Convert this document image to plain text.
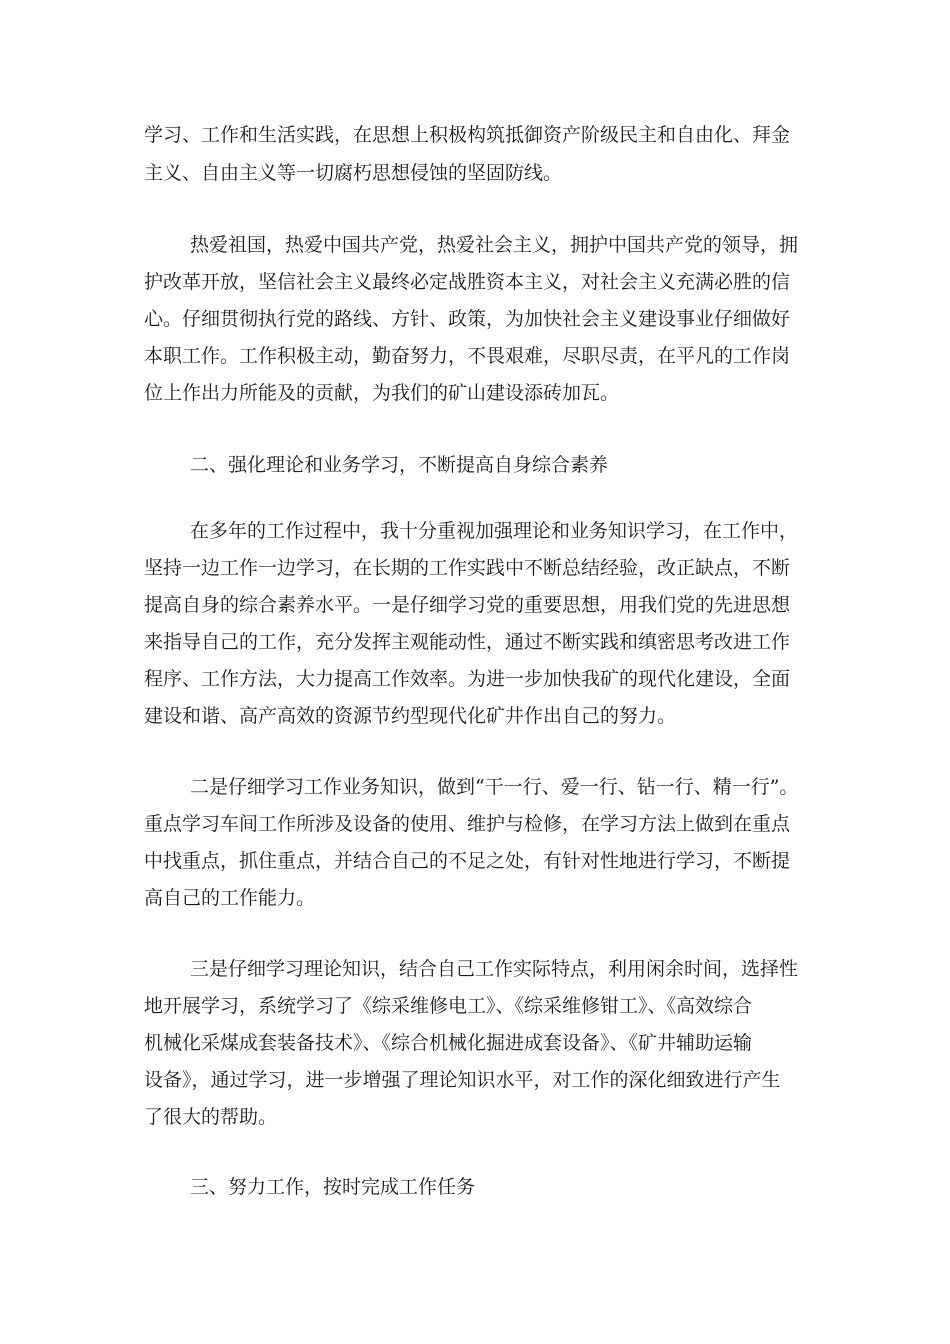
学习、工作和生活实践，在思想上积极构筑抵御资产阶级民主和自由化、拜金
主义、自由主义等一切腐朽思想侵蚀的坚固防线。
热爱祖国，热爱中国共产党，热爱社会主义，拥护中国共产党的领导，拥
护改革开放，坚信社会主义最终必定战胜资本主义，对社会主义充满必胜的信
心。仔细贯彻执行党的路线、方针、政策，为加快社会主义建设事业仔细做好
本职工作。工作积极主动，勤奋努力，不畏艰难，尽职尽责，在平凡的工作岗
位上作出力所能及的贡献，为我们的矿山建设添砖加瓦。
二、强化理论和业务学习，不断提高自身综合素养
在多年的工作过程中，我十分重视加强理论和业务知识学习，在工作中，
坚持一边工作一边学习，在长期的工作实践中不断总结经验，改正缺点，不断
提高自身的综合素养水平。一是仔细学习党的重要思想，用我们党的先进思想
来指导自己的工作，充分发挥主观能动性，通过不断实践和缜密思考改进工作
程序、工作方法，大力提高工作效率。为进一步加快我矿的现代化建设，全面
建设和谐、高产高效的资源节约型现代化矿井作出自己的努力。
二是仔细学习工作业务知识，做到“干一行、爱一行、钻一行、精一行”。
重点学习车间工作所涉及设备的使用、维护与检修，在学习方法上做到在重点
中找重点，抓住重点，并结合自己的不足之处，有针对性地进行学习，不断提
高自己的工作能力。
三是仔细学习理论知识，结合自己工作实际特点，利用闲余时间，选择性
地开展学习，系统学习了《综采维修电工》、《综采维修钳工》、《高效综合
机械化采煤成套装备技术》、《综合机械化掘进成套设备》、《矿井辅助运输
设备》，通过学习，进一步增强了理论知识水平，对工作的深化细致进行产生
了很大的帮助。
三、努力工作，按时完成工作任务
